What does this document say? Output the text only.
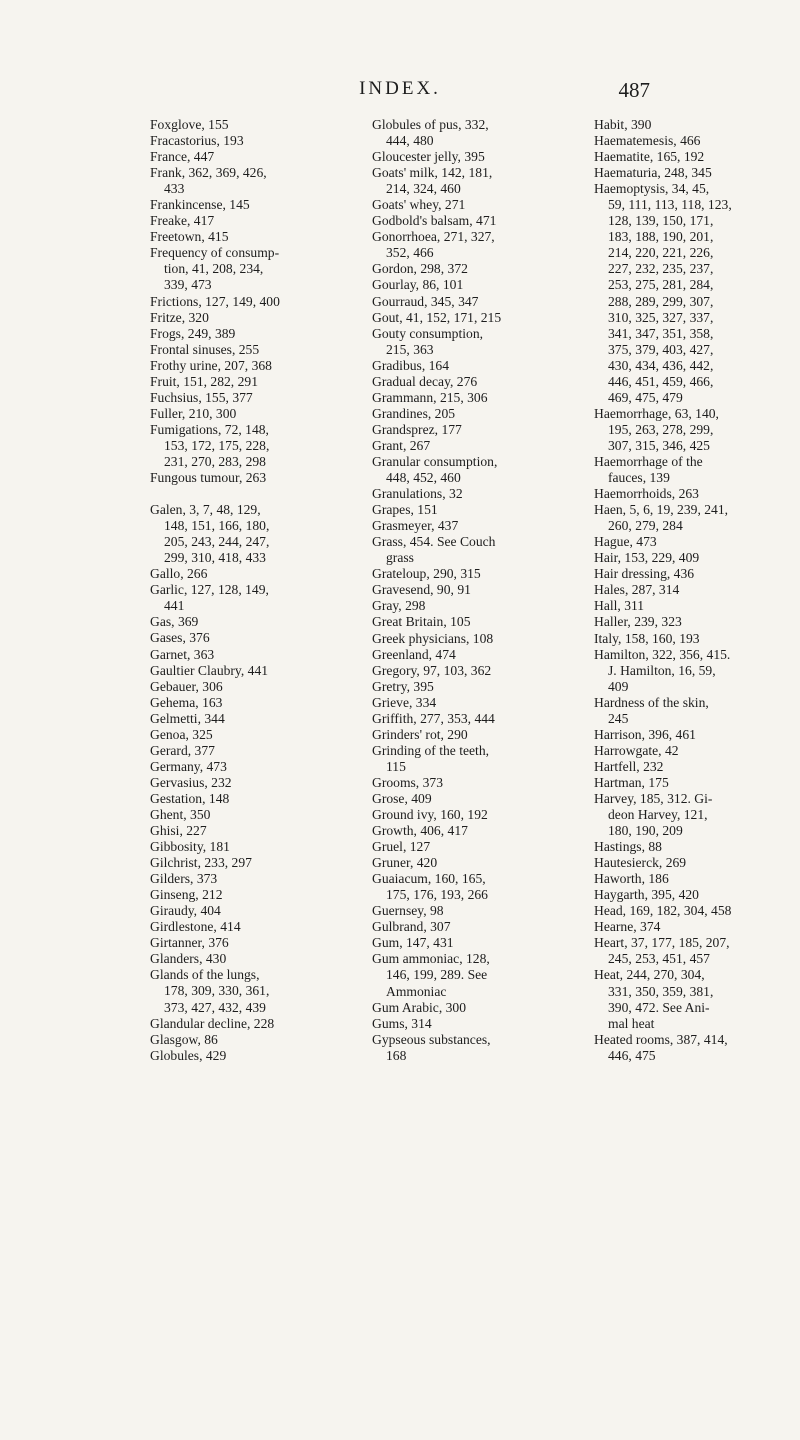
INDEX.	487
Foxglove, 155
Fracastorius, 193
France, 447
Frank, 362, 369, 426,
433
Frankincense, 145
Freake, 417
Freetown, 415
Frequency of consump-
tion, 41, 208, 234,
339, 473
Frictions, 127, 149, 400
Fritze, 320
Frogs, 249, 389
Frontal sinuses, 255
Frothy urine, 207, 368
Fruit, 151, 282, 291
Fuchsius, 155, 377
Fuller, 210, 300
Fumigations, 72, 148,
153, 172, 175, 228,
231, 270, 283, 298
Fungous tumour, 263
Galen, 3, 7, 48, 129,
148, 151, 166, 180,
205, 243, 244, 247,
299, 310, 418, 433
Gallo, 266
Garlic, 127, 128, 149,
441
Gas, 369
Gases, 376
Garnet, 363
Gaultier Claubry, 441
Gebauer, 306
Gehema, 163
Gelmetti, 344
Genoa, 325
Gerard, 377
Germany, 473
Gervasius, 232
Gestation, 148
Ghent, 350
Ghisi, 227
Gibbosity, 181
Gilchrist, 233, 297
Gilders, 373
Ginseng, 212
Giraudy, 404
Girdlestone, 414
Girtanner, 376
Glanders, 430
Glands of the lungs,
178, 309, 330, 361,
373, 427, 432, 439
Glandular decline, 228
Glasgow, 86
Globules, 429
Globules of pus, 332,
444, 480
Gloucester jelly, 395
Goats' milk, 142, 181,
214, 324, 460
Goats' whey, 271
Godbold's balsam, 471
Gonorrhoea, 271, 327,
352, 466
Gordon, 298, 372
Gourlay, 86, 101
Gourraud, 345, 347
Gout, 41, 152, 171, 215
Gouty consumption,
215, 363
Gradibus, 164
Gradual decay, 276
Grammann, 215, 306
Grandines, 205
Grandsprez, 177
Grant, 267
Granular consumption,
448, 452, 460
Granulations, 32
Grapes, 151
Grasmeyer, 437
Grass, 454. See Couch
grass
Grateloup, 290, 315
Gravesend, 90, 91
Gray, 298
Great Britain, 105
Greek physicians, 108
Greenland, 474
Gregory, 97, 103, 362
Gretry, 395
Grieve, 334
Griffith, 277, 353, 444
Grinders' rot, 290
Grinding of the teeth,
115
Grooms, 373
Grose, 409
Ground ivy, 160, 192
Growth, 406, 417
Gruel, 127
Gruner, 420
Guaiacum, 160, 165,
175, 176, 193, 266
Guernsey, 98
Gulbrand, 307
Gum, 147, 431
Gum ammoniac, 128,
146, 199, 289. See
Ammoniac
Gum Arabic, 300
Gums, 314
Gypseous substances,
168
Habit, 390
Haematemesis, 466
Haematite, 165, 192
Haematuria, 248, 345
Haemoptysis, 34, 45,
59, 111, 113, 118, 123,
128, 139, 150, 171,
183, 188, 190, 201,
214, 220, 221, 226,
227, 232, 235, 237,
253, 275, 281, 284,
288, 289, 299, 307,
310, 325, 327, 337,
341, 347, 351, 358,
375, 379, 403, 427,
430, 434, 436, 442,
446, 451, 459, 466,
469, 475, 479
Haemorrhage, 63, 140,
195, 263, 278, 299,
307, 315, 346, 425
Haemorrhage of the
fauces, 139
Haemorrhoids, 263
Haen, 5, 6, 19, 239, 241,
260, 279, 284
Hague, 473
Hair, 153, 229, 409
Hair dressing, 436
Hales, 287, 314
Hall, 311
Haller, 239, 323
Italy, 158, 160, 193
Hamilton, 322, 356, 415.
J. Hamilton, 16, 59,
409
Hardness of the skin,
245
Harrison, 396, 461
Harrowgate, 42
Hartfell, 232
Hartman, 175
Harvey, 185, 312. Gi-
deon Harvey, 121,
180, 190, 209
Hastings, 88
Hautesierck, 269
Haworth, 186
Haygarth, 395, 420
Head, 169, 182, 304, 458
Hearne, 374
Heart, 37, 177, 185, 207,
245, 253, 451, 457
Heat, 244, 270, 304,
331, 350, 359, 381,
390, 472. See Ani-
mal heat
Heated rooms, 387, 414,
446, 475
